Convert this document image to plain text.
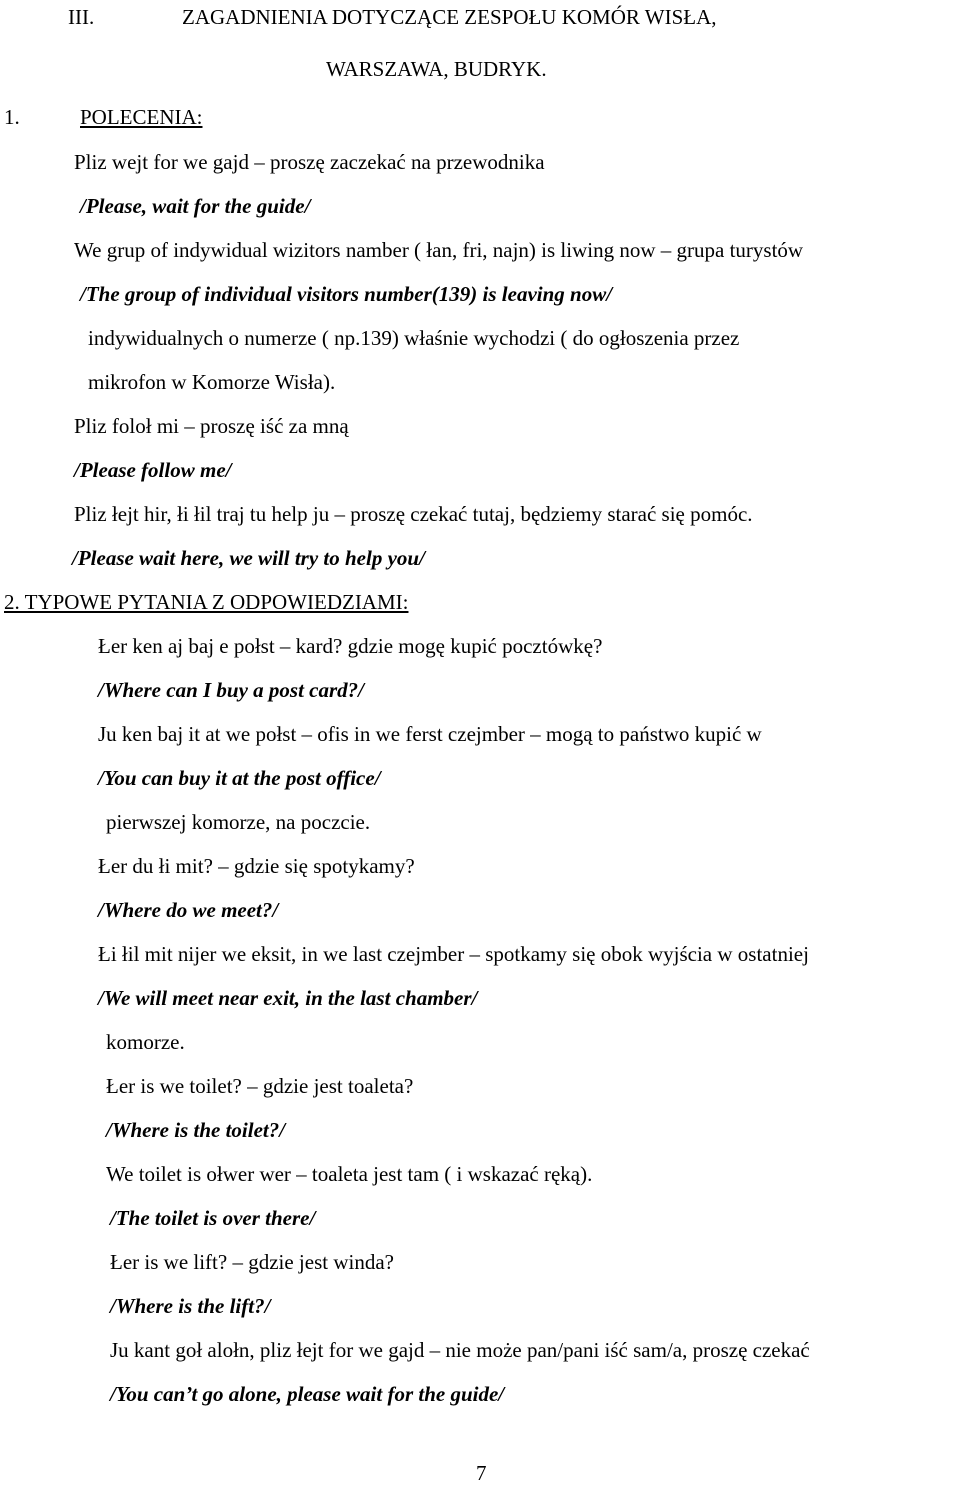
III.	ZAGADNIENIA DOTYCZĄCE ZESPOŁU KOMÓR WISŁA,
WARSZAWA, BUDRYK.
1.	POLECENIA:
Pliz wejt for we gajd – proszę zaczekać na przewodnika
/Please, wait for the guide/
We grup of indywidual wizitors namber ( łan, fri, najn) is liwing now – grupa turystów
/The group of individual visitors number(139) is leaving now/
indywidualnych o numerze ( np.139) właśnie wychodzi ( do ogłoszenia przez
mikrofon w Komorze Wisła).
Pliz foloł mi – proszę iść za mną
/Please follow me/
Pliz łejt hir, łi łil traj tu help ju – proszę czekać tutaj, będziemy starać się pomóc.
/Please wait here, we will try to help you/
2. TYPOWE PYTANIA Z ODPOWIEDZIAMI:
Łer ken aj baj e połst – kard? gdzie mogę kupić pocztówkę?
/Where can I buy a post card?/
Ju ken baj it at we połst – ofis in we ferst czejmber – mogą to państwo kupić w
/You can buy it at the post office/
pierwszej komorze, na poczcie.
Łer du łi mit? – gdzie się spotykamy?
/Where do we meet?/
Łi łil mit nijer we eksit, in we last czejmber – spotkamy się obok wyjścia w ostatniej
/We will meet near exit, in the last chamber/
komorze.
Łer is we toilet? – gdzie jest toaleta?
/Where is the toilet?/
We toilet is ołwer wer – toaleta jest tam ( i wskazać ręką).
/The toilet is over there/
Łer is we lift? – gdzie jest winda?
/Where is the lift?/
Ju kant goł alołn, pliz łejt for we gajd – nie może pan/pani iść sam/a, proszę czekać
/You can’t go alone, please wait for the guide/
7
